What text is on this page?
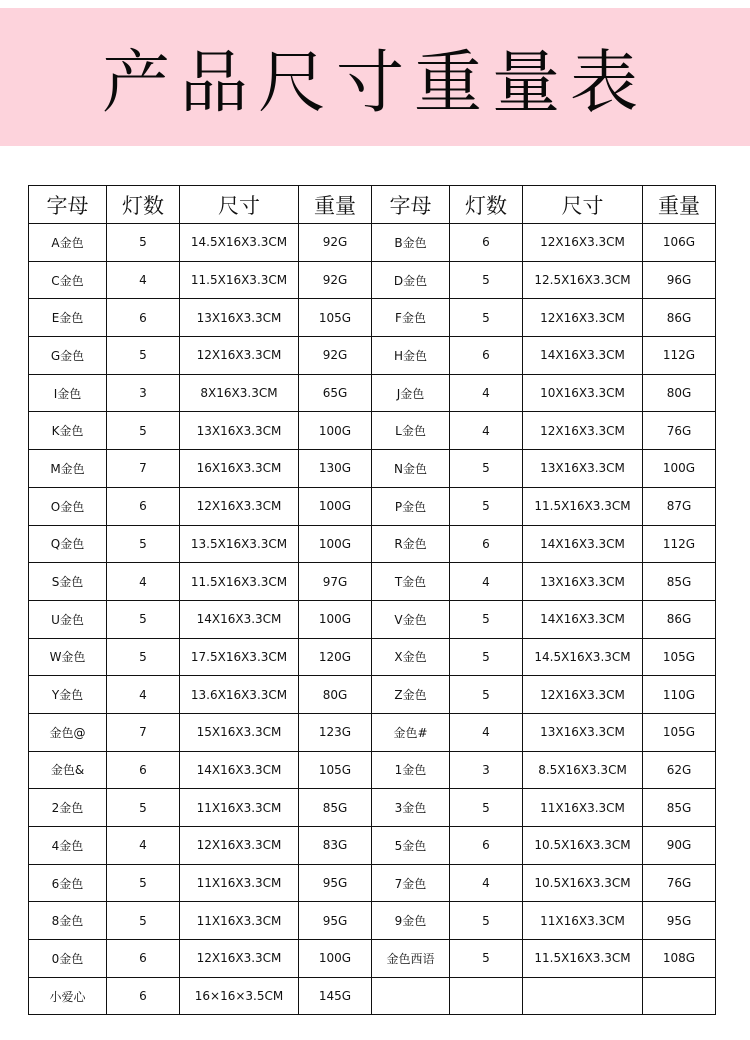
产品尺寸重量表
字母	灯数	尺寸	重量	字母	灯数	尺寸	重量
A金色	5	14.5X16X3.3CM	92G	B金色	6	12X16X3.3CM	106G
C金色	4	11.5X16X3.3CM	92G	D金色	5	12.5X16X3.3CM	96G
E金色	6	13X16X3.3CM	105G	F金色	5	12X16X3.3CM	86G
G金色	5	12X16X3.3CM	92G	H金色	6	14X16X3.3CM	112G
I金色	3	8X16X3.3CM	65G	J金色	4	10X16X3.3CM	80G
K金色	5	13X16X3.3CM	100G	L金色	4	12X16X3.3CM	76G
M金色	7	16X16X3.3CM	130G	N金色	5	13X16X3.3CM	100G
O金色	6	12X16X3.3CM	100G	P金色	5	11.5X16X3.3CM	87G
Q金色	5	13.5X16X3.3CM	100G	R金色	6	14X16X3.3CM	112G
S金色	4	11.5X16X3.3CM	97G	T金色	4	13X16X3.3CM	85G
U金色	5	14X16X3.3CM	100G	V金色	5	14X16X3.3CM	86G
W金色	5	17.5X16X3.3CM	120G	X金色	5	14.5X16X3.3CM	105G
Y金色	4	13.6X16X3.3CM	80G	Z金色	5	12X16X3.3CM	110G
金色@	7	15X16X3.3CM	123G	金色#	4	13X16X3.3CM	105G
金色&	6	14X16X3.3CM	105G	1金色	3	8.5X16X3.3CM	62G
2金色	5	11X16X3.3CM	85G	3金色	5	11X16X3.3CM	85G
4金色	4	12X16X3.3CM	83G	5金色	6	10.5X16X3.3CM	90G
6金色	5	11X16X3.3CM	95G	7金色	4	10.5X16X3.3CM	76G
8金色	5	11X16X3.3CM	95G	9金色	5	11X16X3.3CM	95G
0金色	6	12X16X3.3CM	100G	金色西语	5	11.5X16X3.3CM	108G
小爱心	6	16×16×3.5CM	145G				
